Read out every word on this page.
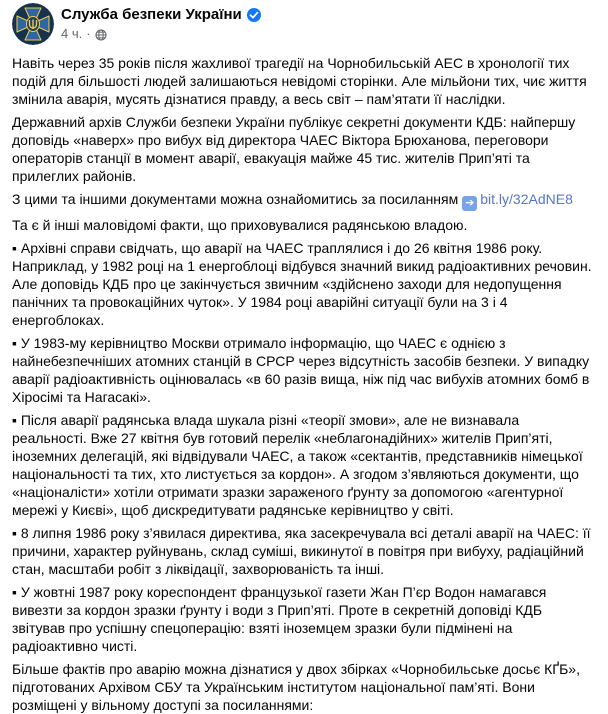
Служба безпеки України
4 ч. ·
Навіть через 35 років після жахливої трагедії на Чорнобильській АЕС в хронології тих подій для більшості людей залишаються невідомі сторінки. Але мільйони тих, чиє життя змінила аварія, мусять дізнатися правду, а весь світ – пам’ятати її наслідки.
Державний архів Служби безпеки України публікує секретні документи КДБ: найпершу доповідь «наверх» про вибух від директора ЧАЕС Віктора Брюханова, переговори операторів станції в момент аварії, евакуація майже 45 тис. жителів Прип’яті та прилеглих районів.
З цими та іншими документами можна ознайомитись за посиланням ➔ bit.ly/32AdNE8
Та є й інші маловідомі факти, що приховувалися радянською владою.
▪ Архівні справи свідчать, що аварії на ЧАЕС траплялися і до 26 квітня 1986 року. Наприклад, у 1982 році на 1 енергоблоці відбувся значний викид радіоактивних речовин. Але доповідь КДБ про це закінчується звичним «здійснено заходи для недопущення панічних та провокаційних чуток». У 1984 році аварійні ситуації були на 3 і 4 енергоблоках.
▪ У 1983-му керівництво Москви отримало інформацію, що ЧАЕС є однією з найнебезпечніших атомних станцій в СРСР через відсутність засобів безпеки. У випадку аварії радіоактивність оцінювалась «в 60 разів вища, ніж під час вибухів атомних бомб в Хіросімі та Нагасакі».
▪ Після аварії радянська влада шукала різні «теорії змови», але не визнавала реальності. Вже 27 квітня був готовий перелік «неблагонадійних» жителів Прип’яті, іноземних делегацій, які відвідували ЧАЕС, а також «сектантів, представників німецької національності та тих, хто листується за кордон». А згодом з’являються документи, що «націоналісти» хотіли отримати зразки зараженого ґрунту за допомогою «агентурної мережі у Києві», щоб дискредитувати радянське керівництво у світі.
▪ 8 липня 1986 року з’явилася директива, яка засекречувала всі деталі аварії на ЧАЕС: її причини, характер руйнувань, склад суміші, викинутої в повітря при вибуху, радіаційний стан, масштаби робіт з ліквідації, захворюваність та інші.
▪ У жовтні 1987 року кореспондент французької газети Жан П’єр Водон намагався вивезти за кордон зразки ґрунту і води з Прип’яті. Проте в секретній доповіді КДБ звітував про успішну спецоперацію: взяті іноземцем зразки були підмінені на радіоактивно чисті.
Більше фактів про аварію можна дізнатися у двох збірках «Чорнобильське досьє КҐБ», підготованих Архівом СБУ та Українським інститутом національної пам’яті. Вони розміщені у вільному доступі за посиланнями:
